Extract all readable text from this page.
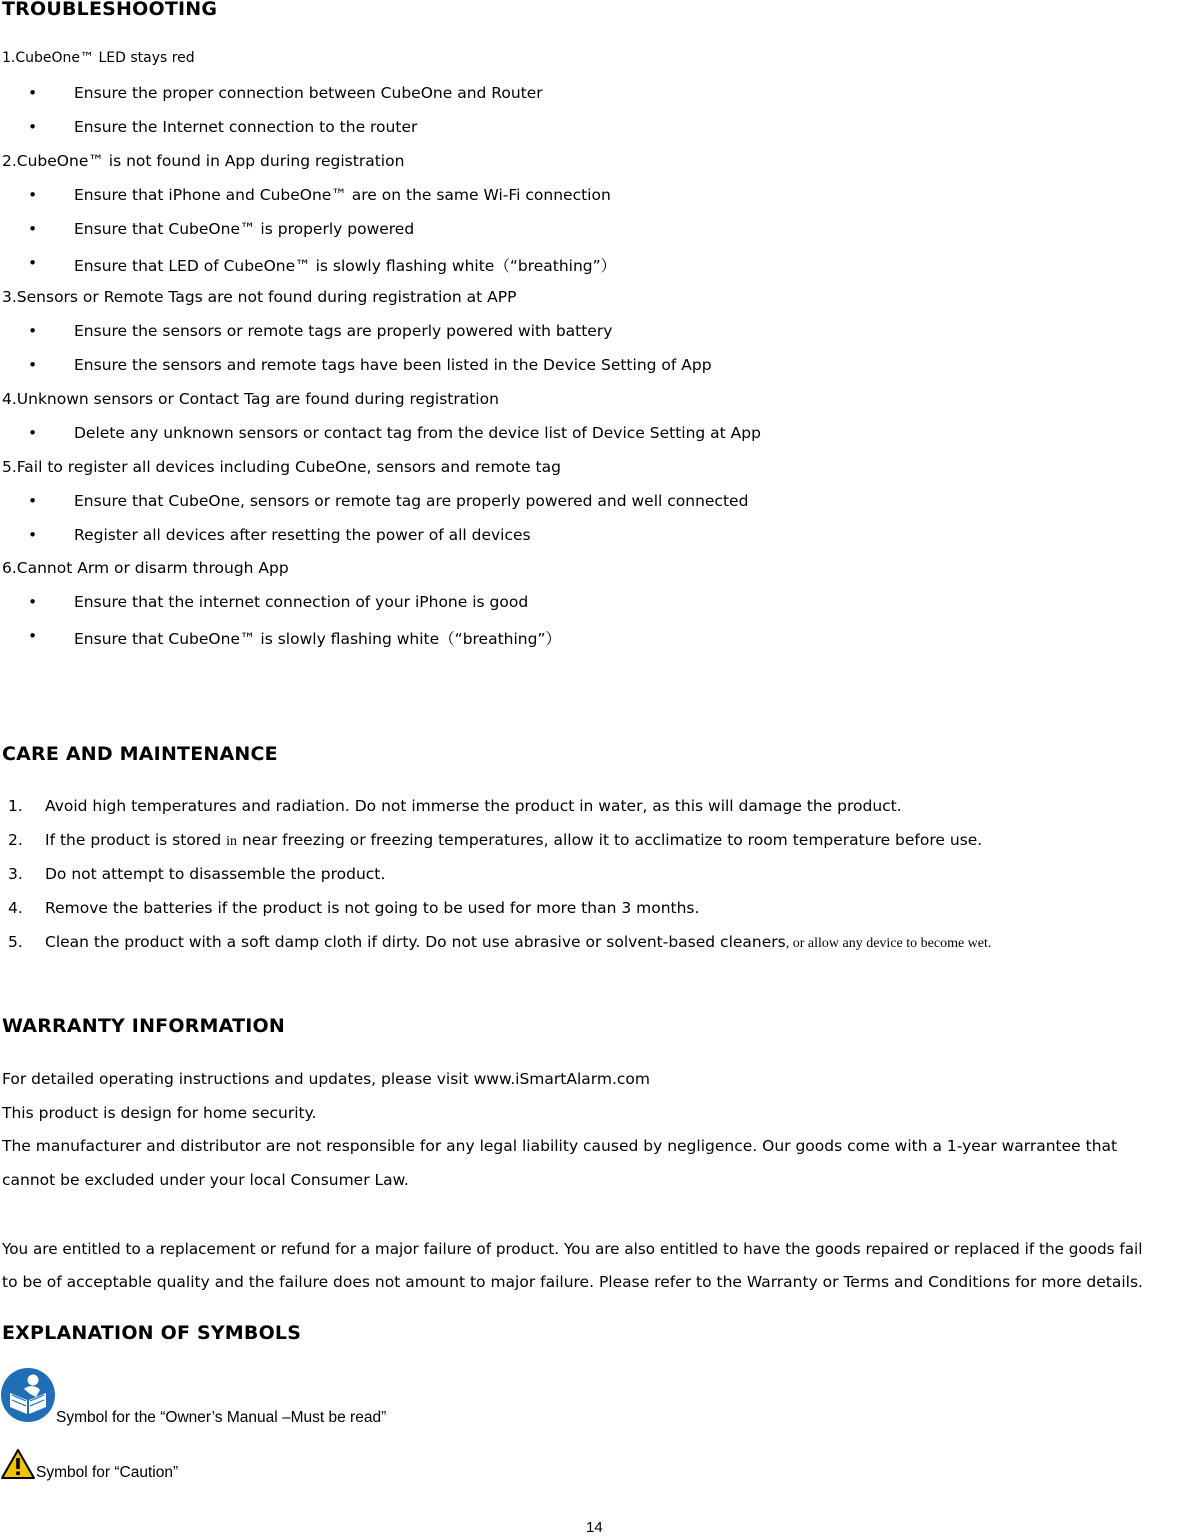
TROUBLESHOOTING
1.CubeOne™ LED stays red
• Ensure the proper connection between CubeOne and Router
• Ensure the Internet connection to the router
2.CubeOne™ is not found in App during registration
• Ensure that iPhone and CubeOne™ are on the same Wi-Fi connection
• Ensure that CubeOne™ is properly powered
• Ensure that LED of CubeOne™ is slowly flashing white（“breathing”）
3.Sensors or Remote Tags are not found during registration at APP
• Ensure the sensors or remote tags are properly powered with battery
• Ensure the sensors and remote tags have been listed in the Device Setting of App
4.Unknown sensors or Contact Tag are found during registration
• Delete any unknown sensors or contact tag from the device list of Device Setting at App
5.Fail to register all devices including CubeOne, sensors and remote tag
• Ensure that CubeOne, sensors or remote tag are properly powered and well connected
• Register all devices after resetting the power of all devices
6.Cannot Arm or disarm through App
• Ensure that the internet connection of your iPhone is good
• Ensure that CubeOne™ is slowly flashing white（“breathing”）
CARE AND MAINTENANCE
1. Avoid high temperatures and radiation. Do not immerse the product in water, as this will damage the product.
2. If the product is stored in near freezing or freezing temperatures, allow it to acclimatize to room temperature before use.
3. Do not attempt to disassemble the product.
4. Remove the batteries if the product is not going to be used for more than 3 months.
5. Clean the product with a soft damp cloth if dirty. Do not use abrasive or solvent-based cleaners, or allow any device to become wet.
WARRANTY INFORMATION
For detailed operating instructions and updates, please visit www.iSmartAlarm.com
This product is design for home security.
The manufacturer and distributor are not responsible for any legal liability caused by negligence. Our goods come with a 1-year warrantee that
cannot be excluded under your local Consumer Law.
You are entitled to a replacement or refund for a major failure of product. You are also entitled to have the goods repaired or replaced if the goods fail
to be of acceptable quality and the failure does not amount to major failure. Please refer to the Warranty or Terms and Conditions for more details.
EXPLANATION OF SYMBOLS
Symbol for the “Owner’s Manual –Must be read”
Symbol for “Caution”
14
